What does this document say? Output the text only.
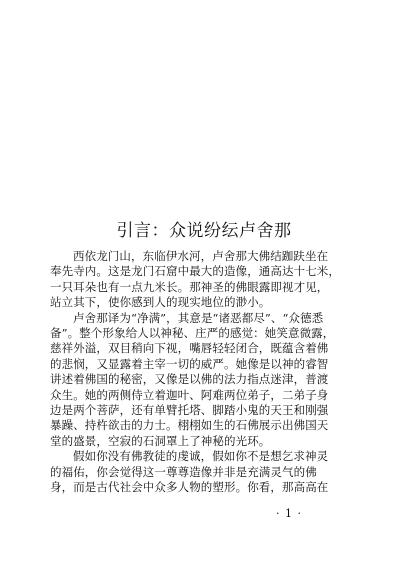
引言：众说纷纭卢舍那
西依龙门山，东临伊水河，卢舍那大佛结跏趺坐在
奉先寺内。这是龙门石窟中最大的造像，通高达十七米，
一只耳朵也有一点九米长。那神圣的佛眼露即视才见，
站立其下，使你感到人的现实地位的渺小。
卢舍那译为“净满”，其意是“诸恶都尽”、“众德悉
备”。整个形象给人以神秘、庄严的感觉：她笑意微露，
慈祥外溢，双目稍向下视，嘴唇轻轻闭合，既蕴含着佛
的悲悯，又显露着主宰一切的威严。她像是以神的睿智
讲述着佛国的秘密，又像是以佛的法力指点迷津，普渡
众生。她的两侧侍立着迦叶、阿难两位弟子，二弟子身
边是两个菩萨，还有单臂托塔、脚踏小鬼的天王和刚强
暴躁、持杵欲击的力士。栩栩如生的石佛展示出佛国天
堂的盛景，空寂的石洞罩上了神秘的光环。
假如你没有佛教徒的虔诚，假如你不是想乞求神灵
的福佑，你会觉得这一尊尊造像并非是充满灵气的佛
身，而是古代社会中众多人物的塑形。你看，那高高在
· 1 ·
